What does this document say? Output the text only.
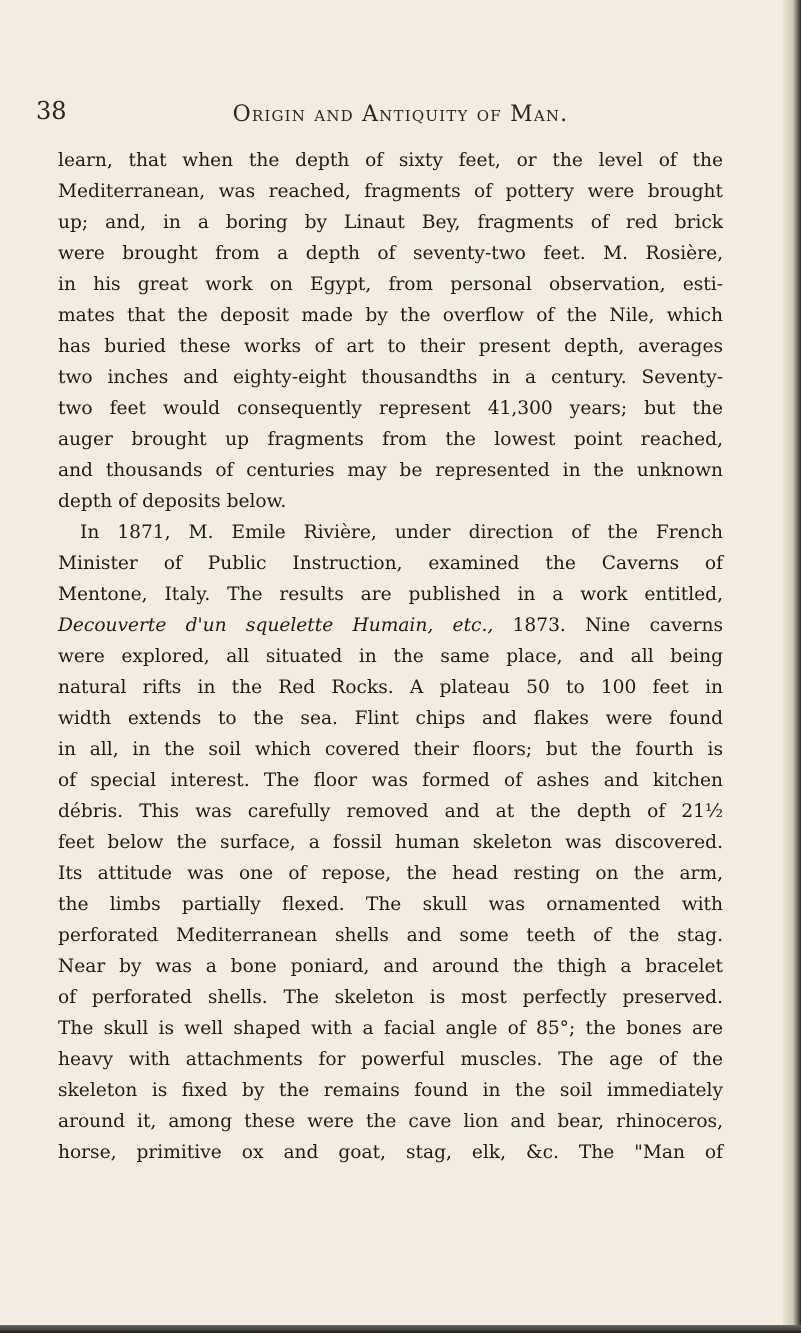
38	Origin and Antiquity of Man.
learn, that when the depth of sixty feet, or the level of the
Mediterranean, was reached, fragments of pottery were brought
up; and, in a boring by Linaut Bey, fragments of red brick
were brought from a depth of seventy-two feet. M. Rosière,
in his great work on Egypt, from personal observation, esti-
mates that the deposit made by the overflow of the Nile, which
has buried these works of art to their present depth, averages
two inches and eighty-eight thousandths in a century. Seventy-
two feet would consequently represent 41,300 years; but the
auger brought up fragments from the lowest point reached,
and thousands of centuries may be represented in the unknown
depth of deposits below.
In 1871, M. Emile Rivière, under direction of the French
Minister of Public Instruction, examined the Caverns of
Mentone, Italy. The results are published in a work entitled,
Decouverte d'un squelette Humain, etc., 1873. Nine caverns
were explored, all situated in the same place, and all being
natural rifts in the Red Rocks. A plateau 50 to 100 feet in
width extends to the sea. Flint chips and flakes were found
in all, in the soil which covered their floors; but the fourth is
of special interest. The floor was formed of ashes and kitchen
débris. This was carefully removed and at the depth of 21½
feet below the surface, a fossil human skeleton was discovered.
Its attitude was one of repose, the head resting on the arm,
the limbs partially flexed. The skull was ornamented with
perforated Mediterranean shells and some teeth of the stag.
Near by was a bone poniard, and around the thigh a bracelet
of perforated shells. The skeleton is most perfectly preserved.
The skull is well shaped with a facial angle of 85°; the bones are
heavy with attachments for powerful muscles. The age of the
skeleton is fixed by the remains found in the soil immediately
around it, among these were the cave lion and bear, rhinoceros,
horse, primitive ox and goat, stag, elk, &c. The "Man of
